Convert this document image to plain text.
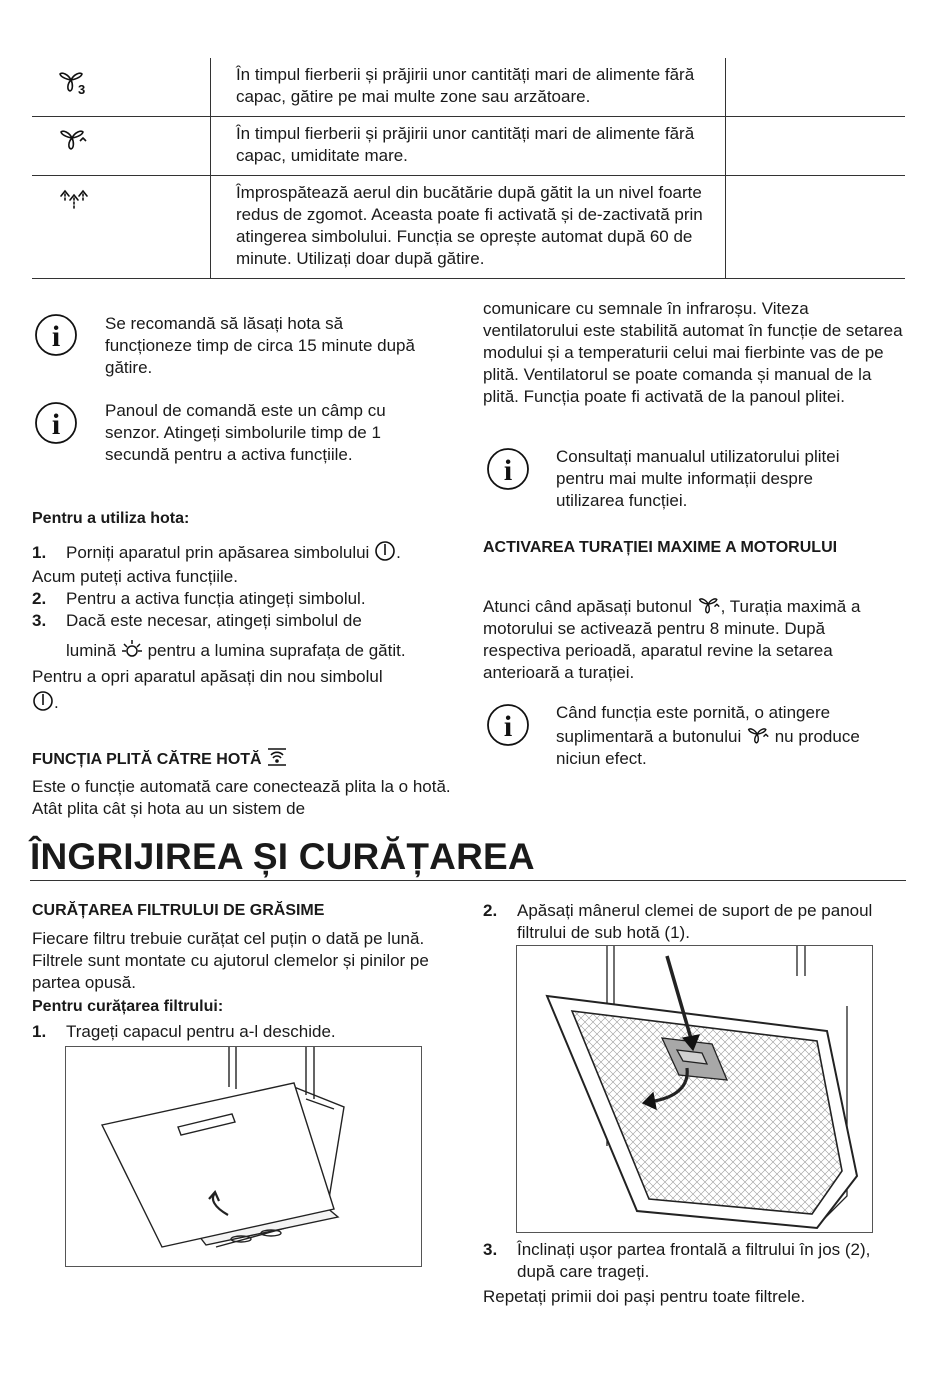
3	În timpul fierberii și prăjirii unor cantități mari de alimente fără capac, gătire pe mai multe zone sau arzătoare.	

	În timpul fierberii și prăjirii unor cantități mari de alimente fără capac, umiditate mare.	

	Împrospătează aerul din bucătărie după gătit la un nivel foarte redus de zgomot. Aceasta poate fi activată și de-zactivată prin atingerea simbolului. Funcția se oprește automat după 60 de minute. Utilizați doar după gătire.	
i	Se recomandă să lăsați hota să funcționeze timp de circa 15 minute după gătire.

i	Panoul de comandă este un câmp cu senzor. Atingeți simbolurile timp de 1 secundă pentru a activa funcțiile.

Pentru a utiliza hota:

1. Porniți aparatul prin apăsarea simbolului .

Acum puteți activa funcțiile.

2. Pentru a activa funcția atingeți simbolul.

3. Dacă este necesar, atingeți simbolul de

lumină pentru a lumina suprafața de gătit.

Pentru a opri aparatul apăsați din nou simbolul

.

FUNCȚIA PLITĂ CĂTRE HOTĂ

Este o funcție automată care conectează plita la o hotă. Atât plita cât și hota au un sistem de

comunicare cu semnale în infraroșu. Viteza ventilatorului este stabilită automat în funcție de setarea modului și a temperaturii celui mai fierbinte vas de pe plită. Ventilatorul se poate comanda și manual de la plită. Funcția poate fi activată de la panoul plitei.

i	Consultați manualul utilizatorului plitei pentru mai multe informații despre utilizarea funcției.

ACTIVAREA TURAȚIEI MAXIME A MOTORULUI

Atunci când apăsați butonul , Turația maximă a motorului se activează pentru 8 minute. După respectiva perioadă, aparatul revine la setarea anterioară a turației.

i	Când funcția este pornită, o atingere
suplimentară a butonului nu produce niciun efect.

ÎNGRIJIREA ȘI CURĂȚAREA

CURĂȚAREA FILTRULUI DE GRĂSIME

Fiecare filtru trebuie curățat cel puțin o dată pe lună. Filtrele sunt montate cu ajutorul clemelor și pinilor pe partea opusă.

Pentru curățarea filtrului:

1. Trageți capacul pentru a-l deschide.

2. Apăsați mânerul clemei de suport de pe panoul filtrului de sub hotă (1).

3. Înclinați ușor partea frontală a filtrului în jos (2), după care trageți.

Repetați primii doi pași pentru toate filtrele.
